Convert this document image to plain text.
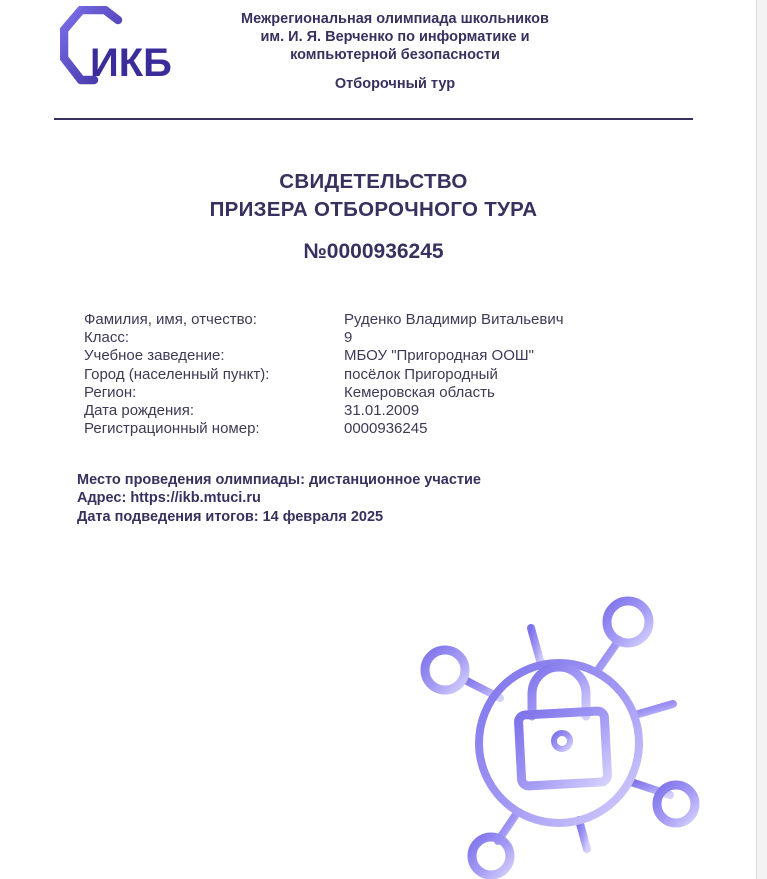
ИКБ
Межрегиональная олимпиада школьников
им. И. Я. Верченко по информатике и
компьютерной безопасности
Отборочный тур
СВИДЕТЕЛЬСТВО
ПРИЗЕРА ОТБОРОЧНОГО ТУРА
№0000936245
Фамилия, имя, отчество:	Руденко Владимир Витальевич
Класс:	9
Учебное заведение:	МБОУ "Пригородная ООШ"
Город (населенный пункт):	посёлок Пригородный
Регион:	Кемеровская область
Дата рождения:	31.01.2009
Регистрационный номер:	0000936245
Место проведения олимпиады: дистанционное участие
Адрес: https://ikb.mtuci.ru
Дата подведения итогов: 14 февраля 2025
